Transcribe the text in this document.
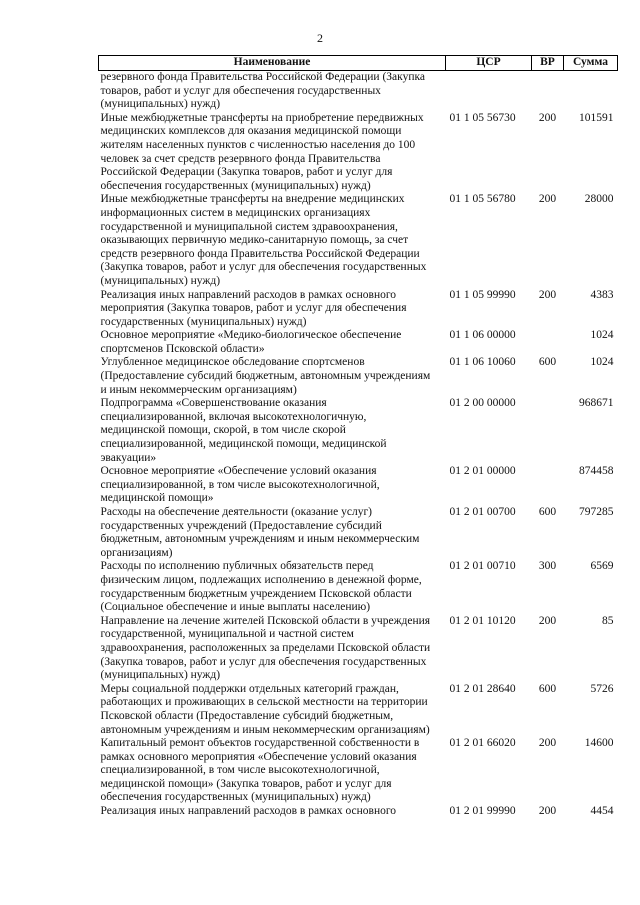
2
Наименование	ЦСР	ВР	Сумма
резервного фонда Правительства Российской Федерации (Закупка товаров, работ и услуг для обеспечения государственных (муниципальных) нужд)			
Иные межбюджетные трансферты на приобретение передвижных медицинских комплексов для оказания медицинской помощи жителям населенных пунктов с численностью населения до 100 человек за счет средств резервного фонда Правительства Российской Федерации (Закупка товаров, работ и услуг для обеспечения государственных (муниципальных) нужд)	01 1 05 56730	200	101591
Иные межбюджетные трансферты на внедрение медицинских информационных систем в медицинских организациях государственной и муниципальной систем здравоохранения, оказывающих первичную медико-санитарную помощь, за счет средств резервного фонда Правительства Российской Федерации (Закупка товаров, работ и услуг для обеспечения государственных (муниципальных) нужд)	01 1 05 56780	200	28000
Реализация иных направлений расходов в рамках основного мероприятия (Закупка товаров, работ и услуг для обеспечения государственных (муниципальных) нужд)	01 1 05 99990	200	4383
Основное мероприятие «Медико-биологическое обеспечение спортсменов Псковской области»	01 1 06 00000		1024
Углубленное медицинское обследование спортсменов (Предоставление субсидий бюджетным, автономным учреждениям и иным некоммерческим организациям)	01 1 06 10060	600	1024
Подпрограмма «Совершенствование оказания специализированной, включая высокотехнологичную, медицинской помощи, скорой, в том числе скорой специализированной, медицинской помощи, медицинской эвакуации»	01 2 00 00000		968671
Основное мероприятие «Обеспечение условий оказания специализированной, в том числе высокотехнологичной, медицинской помощи»	01 2 01 00000		874458
Расходы на обеспечение деятельности (оказание услуг) государственных учреждений (Предоставление субсидий бюджетным, автономным учреждениям и иным некоммерческим организациям)	01 2 01 00700	600	797285
Расходы по исполнению публичных обязательств перед физическим лицом, подлежащих исполнению в денежной форме, государственным бюджетным учреждением Псковской области (Социальное обеспечение и иные выплаты населению)	01 2 01 00710	300	6569
Направление на лечение жителей Псковской области в учреждения государственной, муниципальной и частной систем здравоохранения, расположенных за пределами Псковской области (Закупка товаров, работ и услуг для обеспечения государственных (муниципальных) нужд)	01 2 01 10120	200	85
Меры социальной поддержки отдельных категорий граждан, работающих и проживающих в сельской местности на территории Псковской области (Предоставление субсидий бюджетным, автономным учреждениям и иным некоммерческим организациям)	01 2 01 28640	600	5726
Капитальный ремонт объектов государственной собственности в рамках основного мероприятия «Обеспечение условий оказания специализированной, в том числе высокотехнологичной, медицинской помощи» (Закупка товаров, работ и услуг для обеспечения государственных (муниципальных) нужд)	01 2 01 66020	200	14600
Реализация иных направлений расходов в рамках основного	01 2 01 99990	200	4454
